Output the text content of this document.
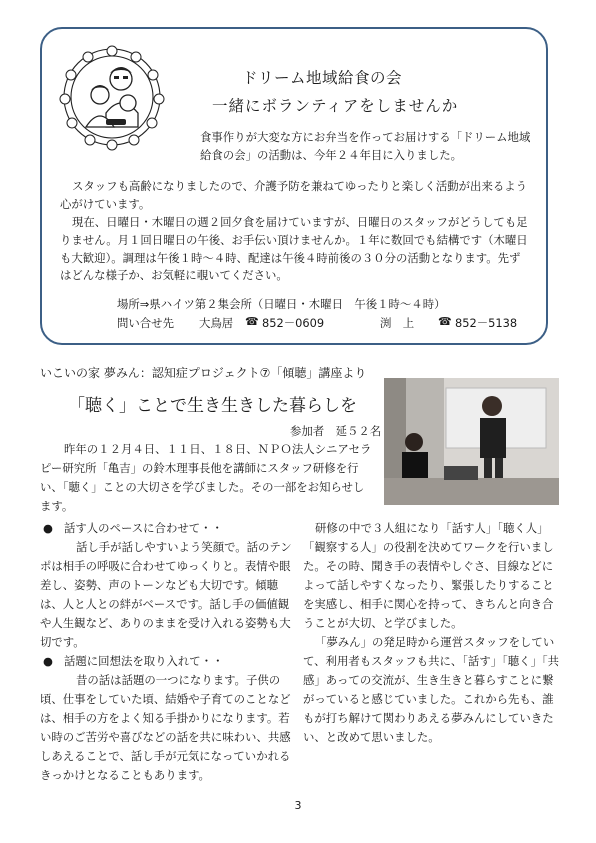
ドリーム地域給食の会
一緒にボランティアをしませんか

食事作りが大変な方にお弁当を作ってお届けする「ドリーム地域給食の会」の活動は、今年２４年目に入りました。

スタッフも高齢になりましたので、介護予防を兼ねてゆったりと楽しく活動が出来るよう心がけています。

現在、日曜日・木曜日の週２回夕食を届けていますが、日曜日のスタッフがどうしても足りません。月１回日曜日の午後、お手伝い頂けませんか。１年に数回でも結構です（木曜日も大歓迎）。調理は午後１時～４時、配達は午後４時前後の３０分の活動となります。先ずはどんな様子か、お気軽に覗いてください。

場所⇒県ハイツ第２集会所（日曜日・木曜日　午後１時～４時）
問い合せ先 大鳥居 ☎ 852－0609	渕　上 ☎ 852－5138
いこいの家 夢みん：認知症プロジェクト⑦「傾聴」講座より
「聴く」ことで生き生きした暮らしを
参加者　延５２名

昨年の１２月４日、１１日、１８日、ＮＰＯ法人シニアセラピー研究所「亀吉」の鈴木理事長他を講師にスタッフ研修を行い、「聴く」ことの大切さを学びました。その一部をお知らせします。

● 話す人のペースに合わせて・・

話し手が話しやすいよう笑顔で。話のテンポは相手の呼吸に合わせてゆっくりと。表情や眼差し、姿勢、声のトーンなども大切です。傾聴は、人と人との絆がベースです。話し手の価値観や人生観など、ありのままを受け入れる姿勢も大切です。

● 話題に回想法を取り入れて・・

昔の話は話題の一つになります。子供の頃、仕事をしていた頃、結婚や子育てのことなどは、相手の方をよく知る手掛かりになります。若い時のご苦労や喜びなどの話を共に味わい、共感しあえることで、話し手が元気になっていかれるきっかけとなることもあります。

研修の中で３人組になり「話す人」「聴く人」「観察する人」の役割を決めてワークを行いました。その時、聞き手の表情やしぐさ、目線などによって話しやすくなったり、緊張したりすることを実感し、相手に関心を持って、きちんと向き合うことが大切、と学びました。

「夢みん」の発足時から運営スタッフをしていて、利用者もスタッフも共に、「話す」「聴く」「共感」あっての交流が、生き生きと暮らすことに繋がっていると感じていました。これから先も、誰もが打ち解けて関わりあえる夢みんにしていきたい、と改めて思いました。

3
